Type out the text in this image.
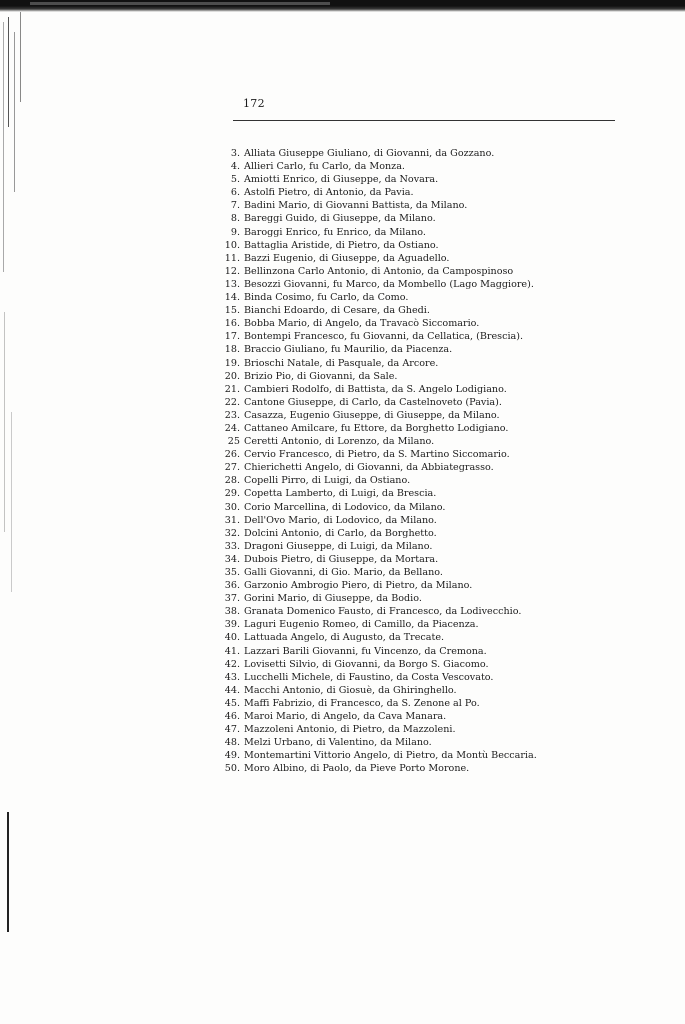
172
3. Alliata Giuseppe Giuliano, di Giovanni, da Gozzano.
4. Allieri Carlo, fu Carlo, da Monza.
5. Amiotti Enrico, di Giuseppe, da Novara.
6. Astolfi Pietro, di Antonio, da Pavia.
7. Badini Mario, di Giovanni Battista, da Milano.
8. Bareggi Guido, di Giuseppe, da Milano.
9. Baroggi Enrico, fu Enrico, da Milano.
10. Battaglia Aristide, di Pietro, da Ostiano.
11. Bazzi Eugenio, di Giuseppe, da Aguadello.
12. Bellinzona Carlo Antonio, di Antonio, da Campospinoso
13. Besozzi Giovanni, fu Marco, da Mombello (Lago Maggiore).
14. Binda Cosimo, fu Carlo, da Como.
15. Bianchi Edoardo, di Cesare, da Ghedi.
16. Bobba Mario, di Angelo, da Travacò Siccomario.
17. Bontempi Francesco, fu Giovanni, da Cellatica, (Brescia).
18. Braccio Giuliano, fu Maurilio, da Piacenza.
19. Brioschi Natale, di Pasquale, da Arcore.
20. Brizio Pio, di Giovanni, da Sale.
21. Cambieri Rodolfo, di Battista, da S. Angelo Lodigiano.
22. Cantone Giuseppe, di Carlo, da Castelnoveto (Pavia).
23. Casazza, Eugenio Giuseppe, di Giuseppe, da Milano.
24. Cattaneo Amilcare, fu Ettore, da Borghetto Lodigiano.
25 Ceretti Antonio, di Lorenzo, da Milano.
26. Cervio Francesco, di Pietro, da S. Martino Siccomario.
27. Chierichetti Angelo, di Giovanni, da Abbiategrasso.
28. Copelli Pirro, di Luigi, da Ostiano.
29. Copetta Lamberto, di Luigi, da Brescia.
30. Corio Marcellina, di Lodovico, da Milano.
31. Dell'Ovo Mario, di Lodovico, da Milano.
32. Dolcini Antonio, di Carlo, da Borghetto.
33. Dragoni Giuseppe, di Luigi, da Milano.
34. Dubois Pietro, di Giuseppe, da Mortara.
35. Galli Giovanni, di Gio. Mario, da Bellano.
36. Garzonio Ambrogio Piero, di Pietro, da Milano.
37. Gorini Mario, di Giuseppe, da Bodio.
38. Granata Domenico Fausto, di Francesco, da Lodivecchio.
39. Laguri Eugenio Romeo, di Camillo, da Piacenza.
40. Lattuada Angelo, di Augusto, da Trecate.
41. Lazzari Barili Giovanni, fu Vincenzo, da Cremona.
42. Lovisetti Silvio, di Giovanni, da Borgo S. Giacomo.
43. Lucchelli Michele, di Faustino, da Costa Vescovato.
44. Macchi Antonio, di Giosuè, da Ghiringhello.
45. Maffi Fabrizio, di Francesco, da S. Zenone al Po.
46. Maroi Mario, di Angelo, da Cava Manara.
47. Mazzoleni Antonio, di Pietro, da Mazzoleni.
48. Melzi Urbano, di Valentino, da Milano.
49. Montemartini Vittorio Angelo, di Pietro, da Montù Beccaria.
50. Moro Albino, di Paolo, da Pieve Porto Morone.
